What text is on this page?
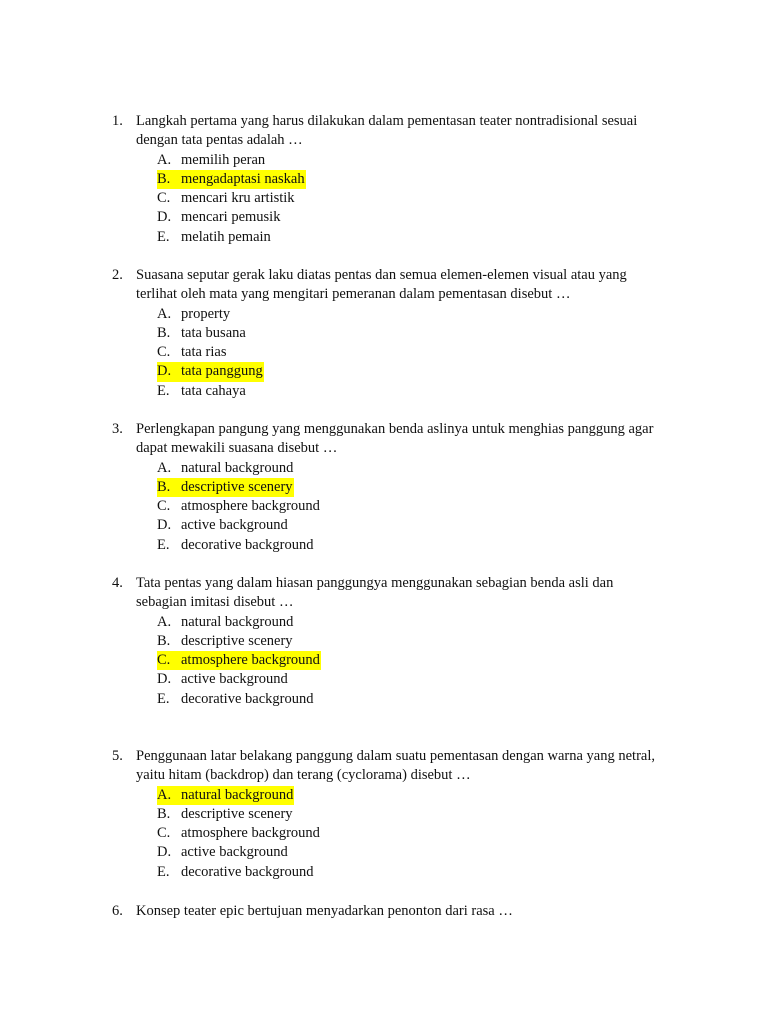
1. Langkah pertama yang harus dilakukan dalam pementasan teater nontradisional sesuai
dengan tata pentas adalah …
A. memilih peran
B. mengadaptasi naskah
C. mencari kru artistik
D. mencari pemusik
E. melatih pemain
2. Suasana seputar gerak laku diatas pentas dan semua elemen-elemen visual atau yang
terlihat oleh mata yang mengitari pemeranan dalam pementasan disebut …
A. property
B. tata busana
C. tata rias
D. tata panggung
E. tata cahaya
3. Perlengkapan pangung yang menggunakan benda aslinya untuk menghias panggung agar
dapat mewakili suasana disebut …
A. natural background
B. descriptive scenery
C. atmosphere background
D. active background
E. decorative background
4. Tata pentas yang dalam hiasan panggungya menggunakan sebagian benda asli dan
sebagian imitasi disebut …
A. natural background
B. descriptive scenery
C. atmosphere background
D. active background
E. decorative background
5. Penggunaan latar belakang panggung dalam suatu pementasan dengan warna yang netral,
yaitu hitam (backdrop) dan terang (cyclorama) disebut …
A. natural background
B. descriptive scenery
C. atmosphere background
D. active background
E. decorative background
6. Konsep teater epic bertujuan menyadarkan penonton dari rasa …
